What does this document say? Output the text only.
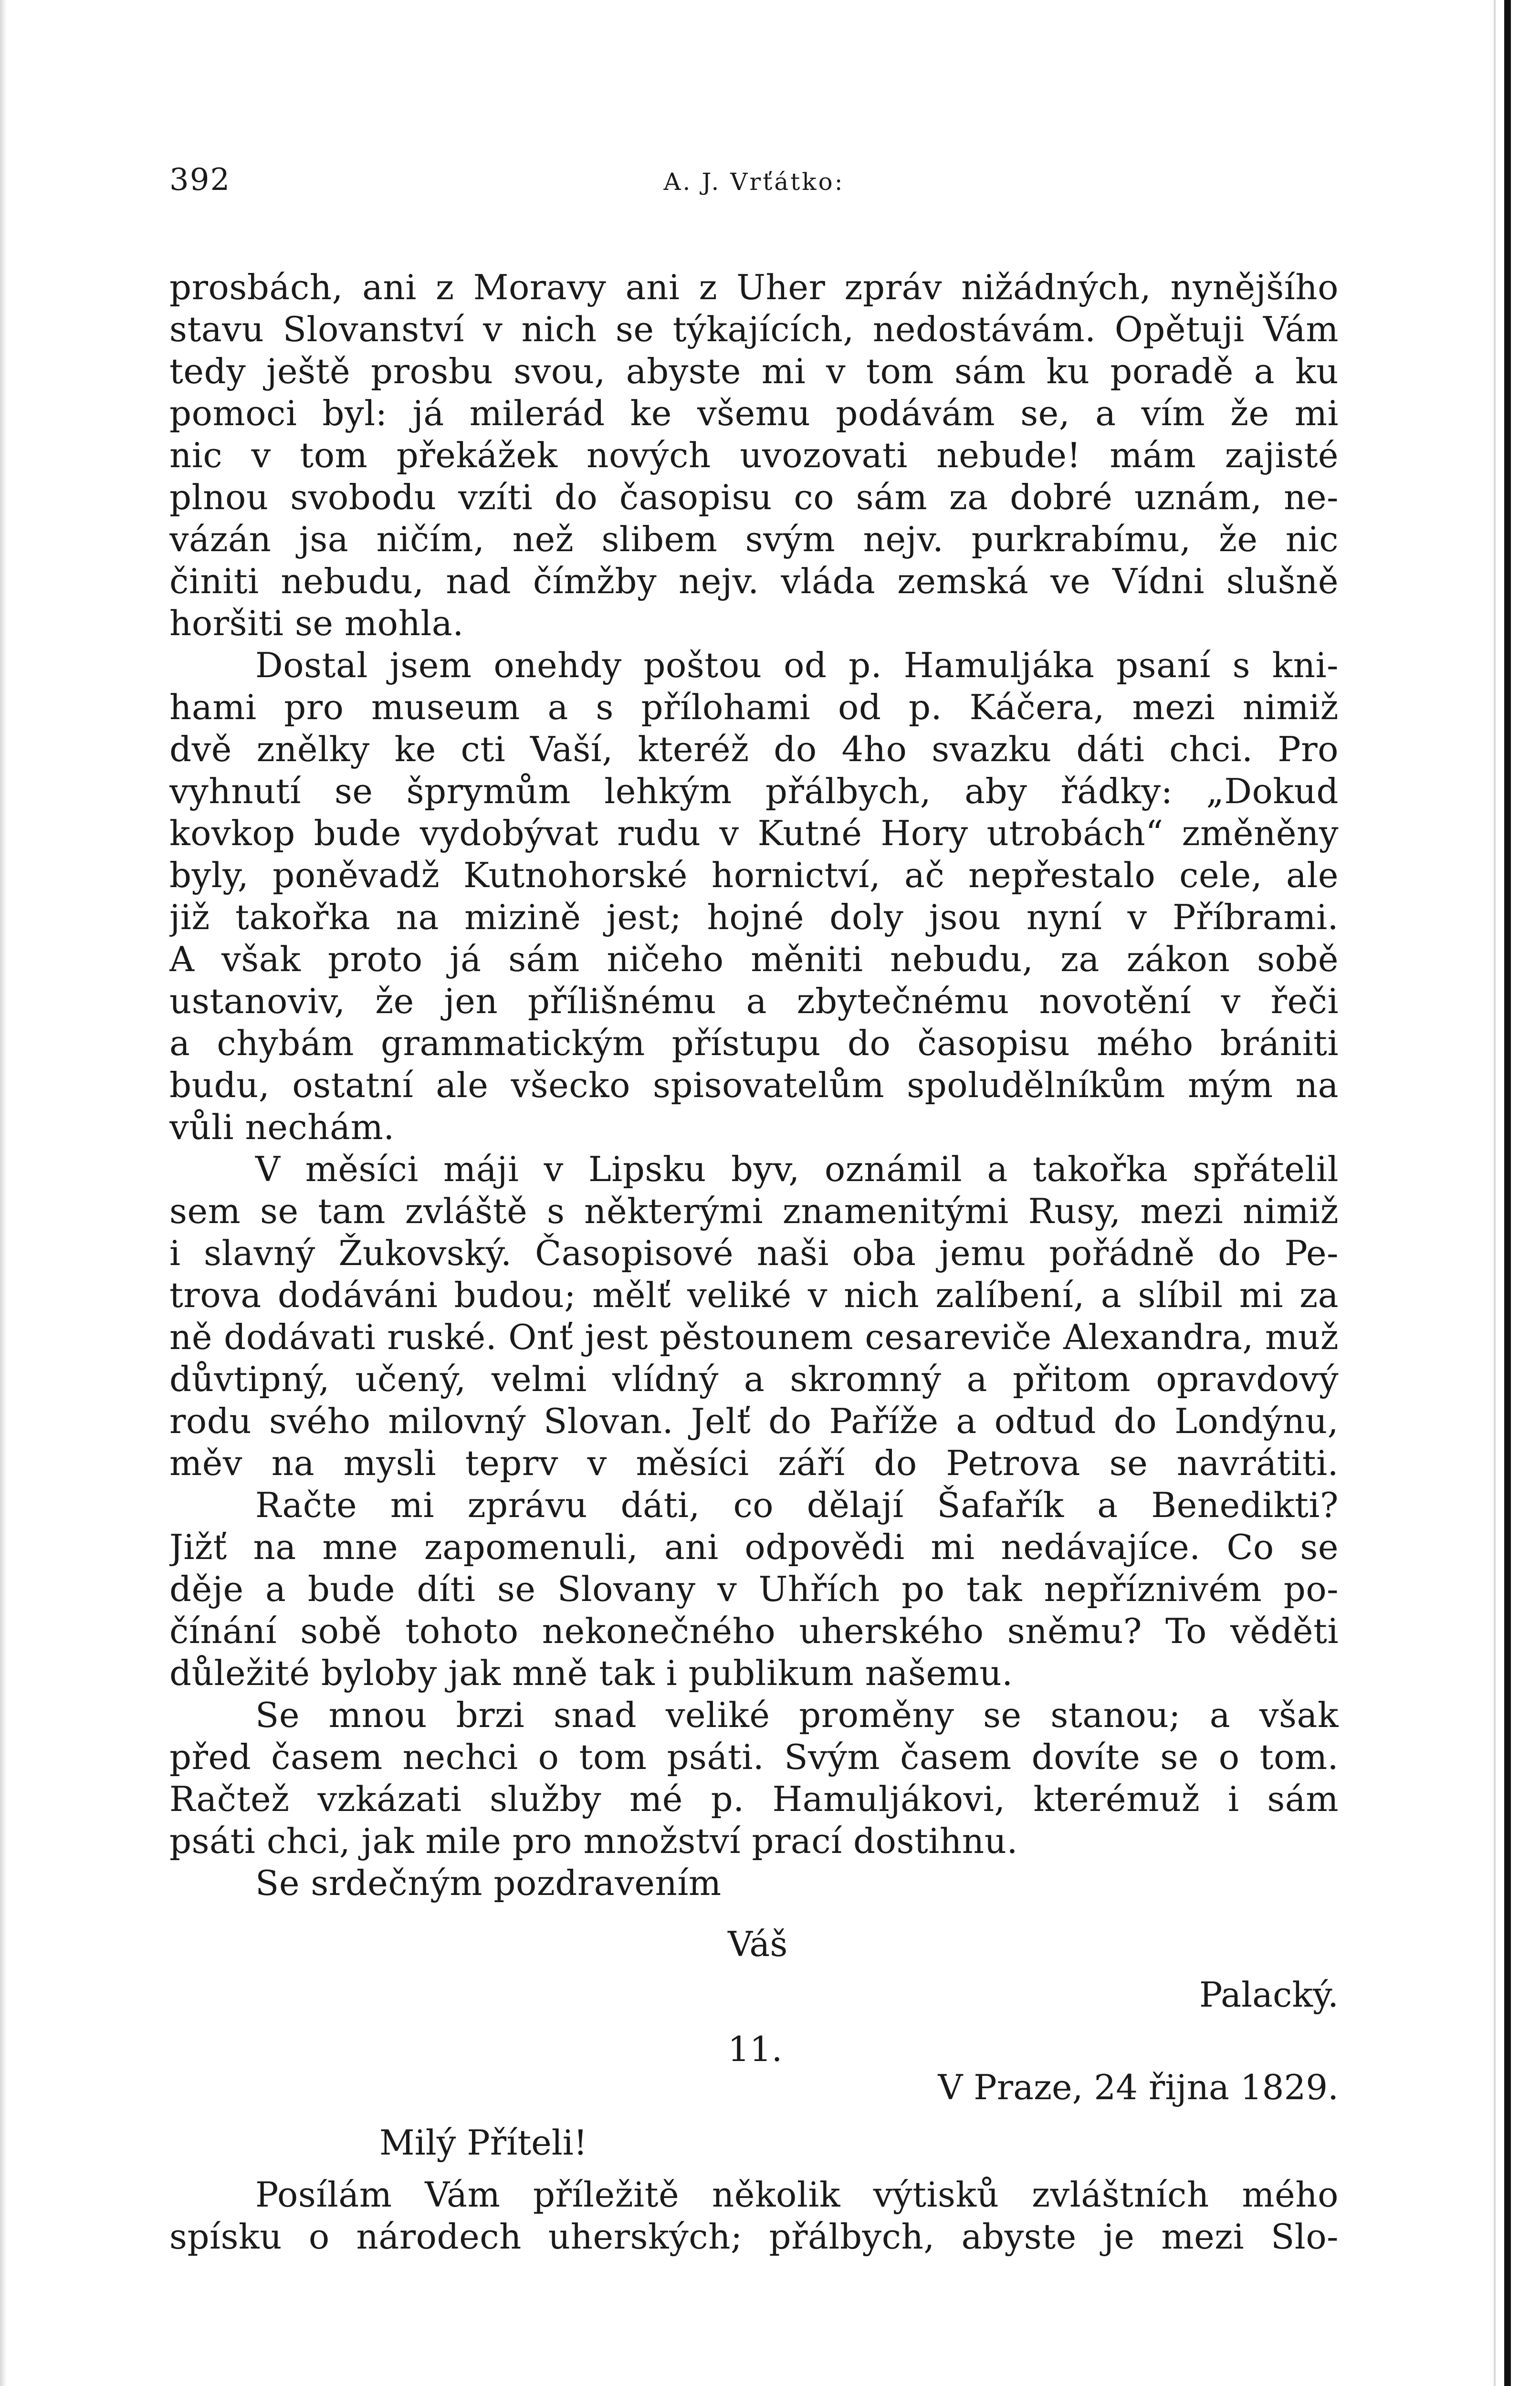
392	A. J. Vrťátko:
prosbách, ani z Moravy ani z Uher zpráv nižádných, nynějšího
stavu Slovanství v nich se týkajících, nedostávám. Opětuji Vám
tedy ještě prosbu svou, abyste mi v tom sám ku poradě a ku
pomoci byl: já milerád ke všemu podávám se, a vím že mi
nic v tom překážek nových uvozovati nebude! mám zajisté
plnou svobodu vzíti do časopisu co sám za dobré uznám, ne-
vázán jsa ničím, než slibem svým nejv. purkrabímu, že nic
činiti nebudu, nad čímžby nejv. vláda zemská ve Vídni slušně
horšiti se mohla.
Dostal jsem onehdy poštou od p. Hamuljáka psaní s kni-
hami pro museum a s přílohami od p. Káčera, mezi nimiž
dvě znělky ke cti Vaší, kteréž do 4ho svazku dáti chci. Pro
vyhnutí se šprymům lehkým přálbych, aby řádky: „Dokud
kovkop bude vydobývat rudu v Kutné Hory utrobách“ změněny
byly, poněvadž Kutnohorské hornictví, ač nepřestalo cele, ale
již takořka na mizině jest; hojné doly jsou nyní v Příbrami.
A však proto já sám ničeho měniti nebudu, za zákon sobě
ustanoviv, že jen přílišnému a zbytečnému novotění v řeči
a chybám grammatickým přístupu do časopisu mého brániti
budu, ostatní ale všecko spisovatelům spoludělníkům mým na
vůli nechám.
V měsíci máji v Lipsku byv, oznámil a takořka spřátelil
sem se tam zvláště s některými znamenitými Rusy, mezi nimiž
i slavný Žukovský. Časopisové naši oba jemu pořádně do Pe-
trova dodáváni budou; mělť veliké v nich zalíbení, a slíbil mi za
ně dodávati ruské. Onť jest pěstounem cesareviče Alexandra, muž
důvtipný, učený, velmi vlídný a skromný a přitom opravdový
rodu svého milovný Slovan. Jelť do Paříže a odtud do Londýnu,
měv na mysli teprv v měsíci září do Petrova se navrátiti.
Račte mi zprávu dáti, co dělají Šafařík a Benedikti?
Jižť na mne zapomenuli, ani odpovědi mi nedávajíce. Co se
děje a bude díti se Slovany v Uhřích po tak nepříznivém po-
čínání sobě tohoto nekonečného uherského sněmu? To věděti
důležité byloby jak mně tak i publikum našemu.
Se mnou brzi snad veliké proměny se stanou; a však
před časem nechci o tom psáti. Svým časem dovíte se o tom.
Račtež vzkázati služby mé p. Hamuljákovi, kterémuž i sám
psáti chci, jak mile pro množství prací dostihnu.
Se srdečným pozdravením
Váš
Palacký.
11.
V Praze, 24 řijna 1829.
Milý Příteli!
Posílám Vám příležitě několik výtisků zvláštních mého
spísku o národech uherských; přálbych, abyste je mezi Slo-
